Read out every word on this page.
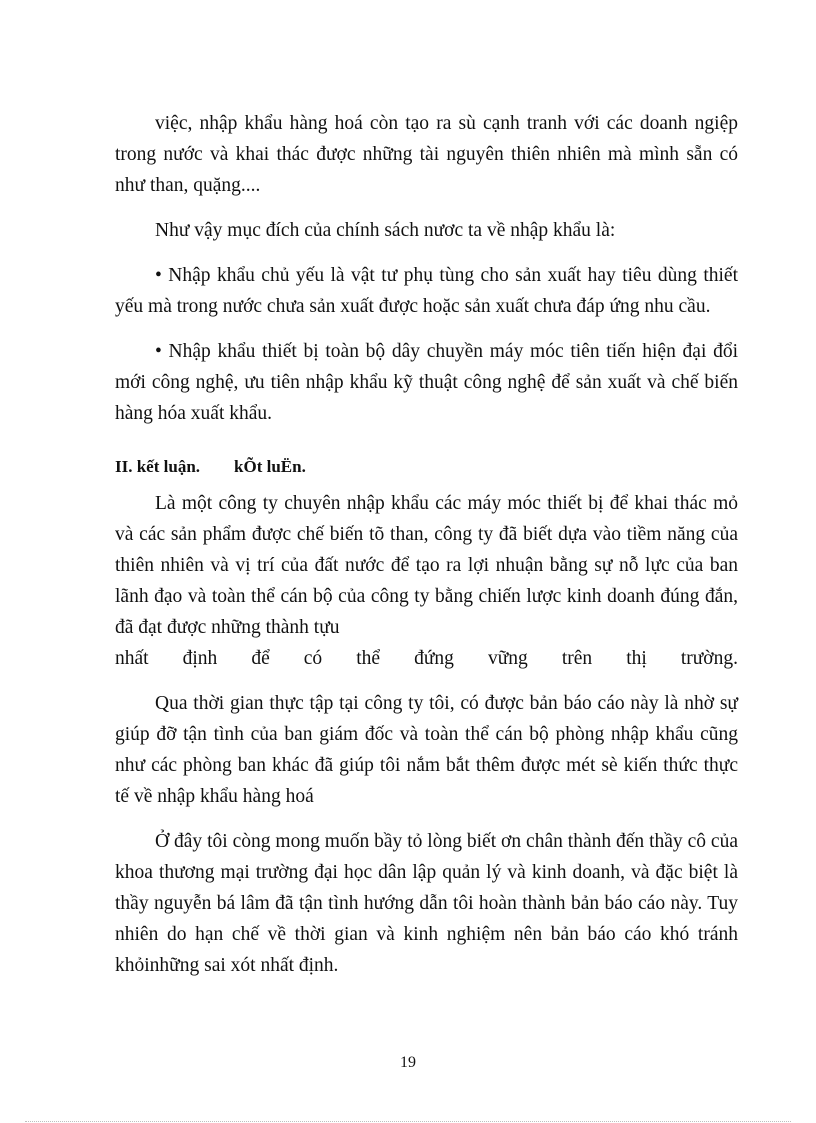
việc, nhập khẩu hàng hoá còn tạo ra sù cạnh tranh với các doanh ngiệp trong nước và khai thác được những tài nguyên thiên nhiên mà mình sẵn có như than, quặng....

Như vậy mục đích của chính sách nươc ta về nhập khẩu là:

• Nhập khẩu chủ yếu là vật tư phụ tùng cho sản xuất hay tiêu dùng thiết yếu mà trong nước chưa sản xuất được hoặc sản xuất chưa đáp ứng nhu cầu.

• Nhập khẩu thiết bị toàn bộ dây chuyền máy móc tiên tiến hiện đại đổi mới công nghệ, ưu tiên nhập khẩu kỹ thuật công nghệ để sản xuất và chế biến hàng hóa xuất khẩu.

II. kết luận. kÕt luËn.

Là một công ty chuyên nhập khẩu các máy móc thiết bị để khai thác mỏ và các sản phẩm được chế biến tõ than, công ty đã biết dựa vào tiềm năng của thiên nhiên và vị trí của đất nước để tạo ra lợi nhuận bằng sự nỗ lực của ban lãnh đạo và toàn thể cán bộ của công ty bằng chiến lược kinh doanh đúng đắn, đã đạt được những thành tựu

nhất định để có thể đứng vững trên thị trường.

Qua thời gian thực tập tại công ty tôi, có được bản báo cáo này là nhờ sự giúp đỡ tận tình của ban giám đốc và toàn thể cán bộ phòng nhập khẩu cũng như các phòng ban khác đã giúp tôi nắm bắt thêm được mét sè kiến thức thực tế về nhập khẩu hàng hoá

Ở đây tôi còng mong muốn bầy tỏ lòng biết ơn chân thành đến thầy cô của khoa thương mại trường đại học dân lập quản lý và kinh doanh, và đặc biệt là thầy nguyễn bá lâm đã tận tình hướng dẫn tôi hoàn thành bản báo cáo này. Tuy nhiên do hạn chế về thời gian và kinh nghiệm nên bản báo cáo khó tránh khỏinhững sai xót nhất định.

19
